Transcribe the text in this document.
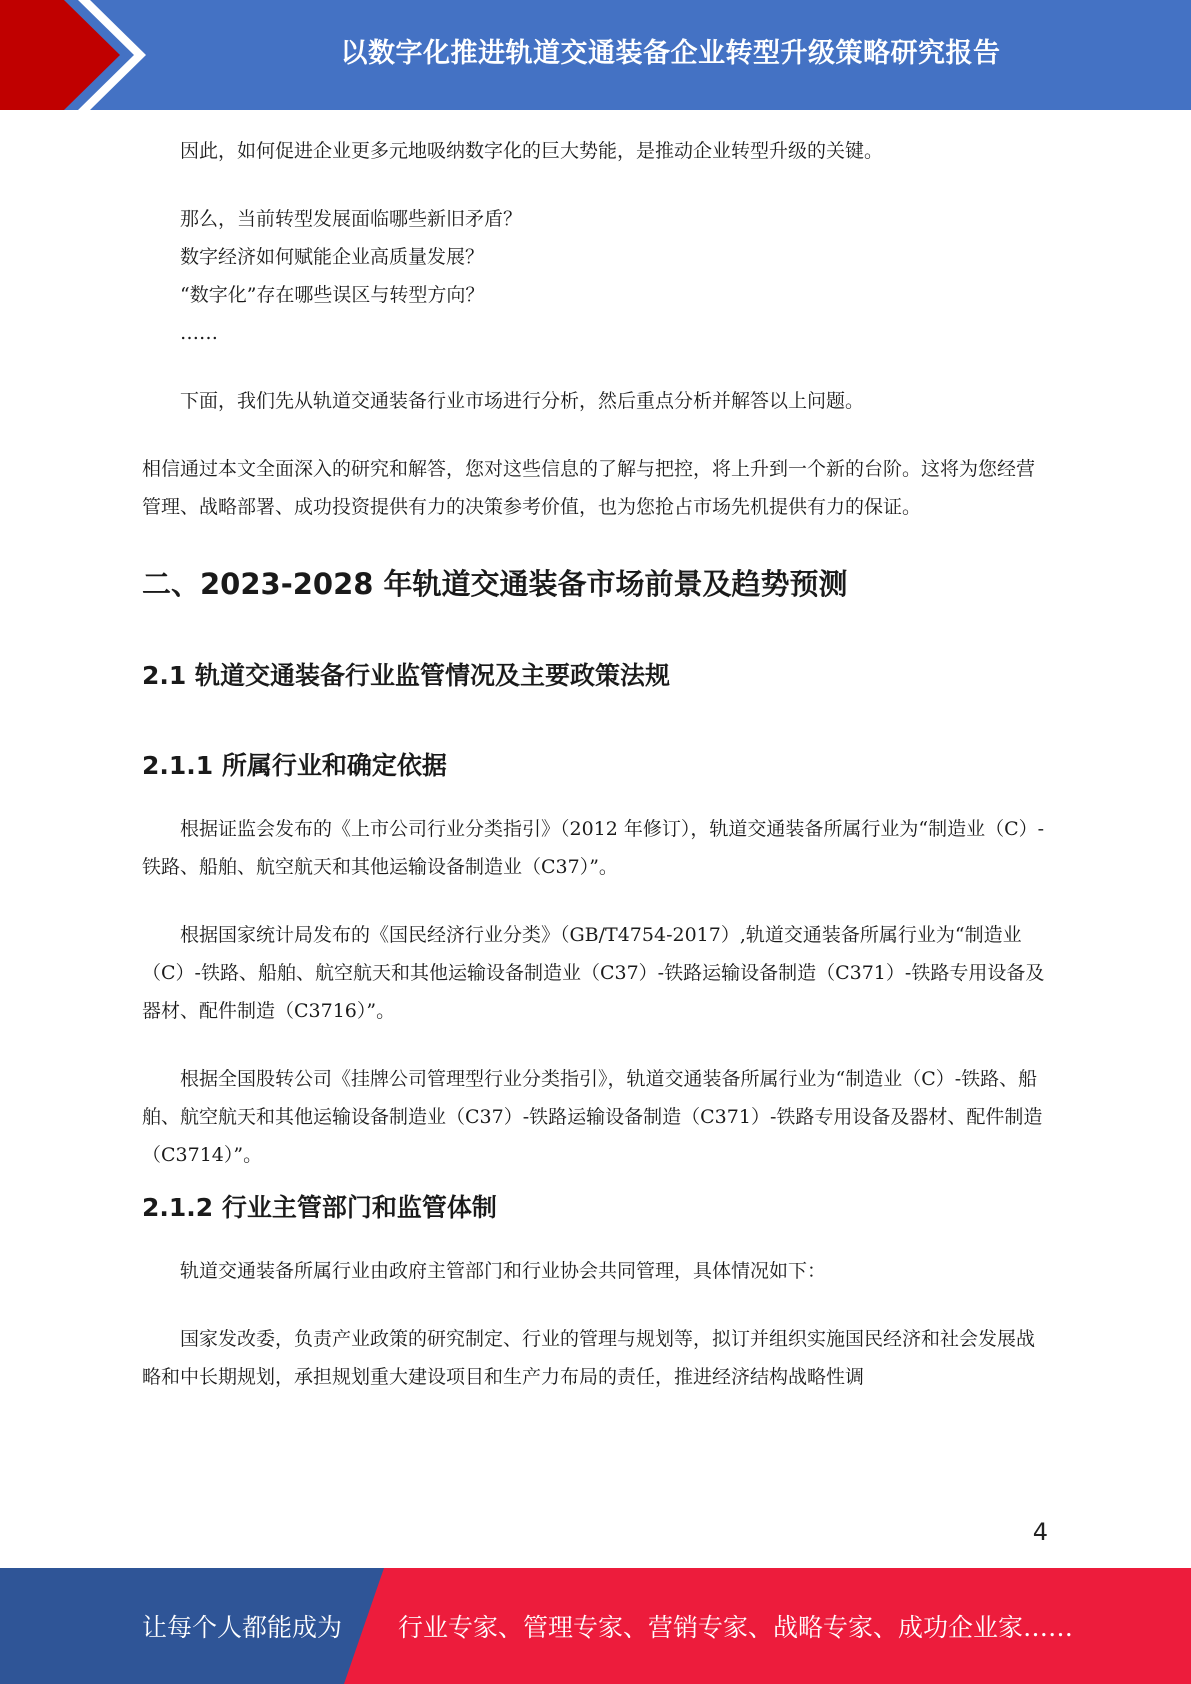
以数字化推进轨道交通装备企业转型升级策略研究报告

因此，如何促进企业更多元地吸纳数字化的巨大势能，是推动企业转型升级的关键。

那么，当前转型发展面临哪些新旧矛盾？

数字经济如何赋能企业高质量发展？

“数字化”存在哪些误区与转型方向？

……

下面，我们先从轨道交通装备行业市场进行分析，然后重点分析并解答以上问题。

相信通过本文全面深入的研究和解答，您对这些信息的了解与把控，将上升到一个新的台阶。这将为您经营管理、战略部署、成功投资提供有力的决策参考价值，也为您抢占市场先机提供有力的保证。

二、2023-2028 年轨道交通装备市场前景及趋势预测
2.1 轨道交通装备行业监管情况及主要政策法规
2.1.1 所属行业和确定依据

根据证监会发布的《上市公司行业分类指引》（2012 年修订），轨道交通装备所属行业为“制造业（C）-铁路、船舶、航空航天和其他运输设备制造业（C37）”。

根据国家统计局发布的《国民经济行业分类》（GB/T4754-2017）,轨道交通装备所属行业为“制造业（C）-铁路、船舶、航空航天和其他运输设备制造业（C37）-铁路运输设备制造（C371）-铁路专用设备及器材、配件制造（C3716）”。

根据全国股转公司《挂牌公司管理型行业分类指引》，轨道交通装备所属行业为“制造业（C）-铁路、船舶、航空航天和其他运输设备制造业（C37）-铁路运输设备制造（C371）-铁路专用设备及器材、配件制造（C3714）”。

2.1.2 行业主管部门和监管体制

轨道交通装备所属行业由政府主管部门和行业协会共同管理，具体情况如下：

国家发改委，负责产业政策的研究制定、行业的管理与规划等，拟订并组织实施国民经济和社会发展战略和中长期规划，承担规划重大建设项目和生产力布局的责任，推进经济结构战略性调

4
让每个人都能成为 行业专家、管理专家、营销专家、战略专家、成功企业家……
